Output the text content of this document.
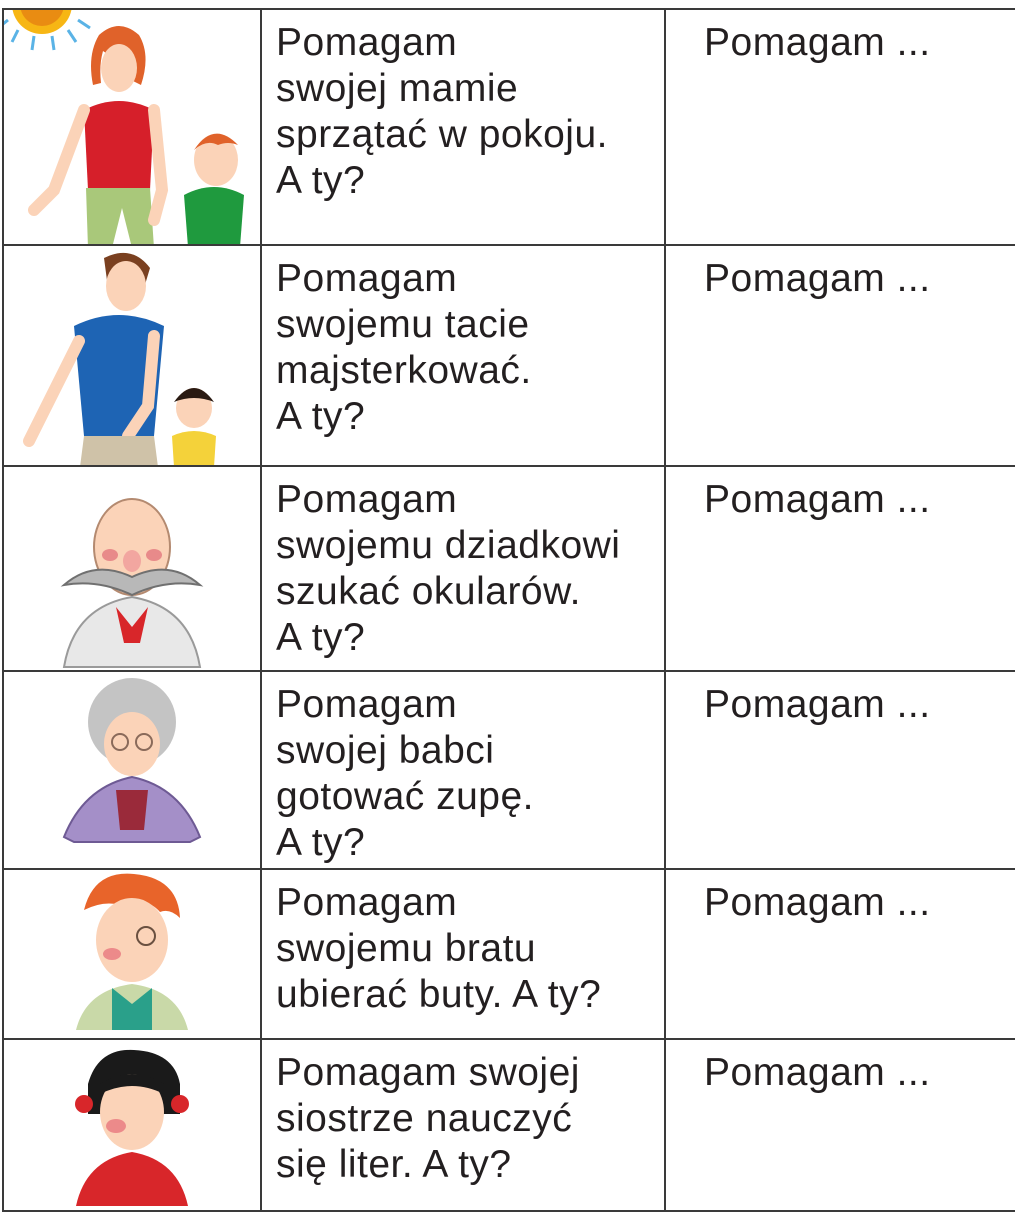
Pomagam
swojej mamie
sprzątać w pokoju.
A ty?	Pomagam ...

Pomagam
swojemu tacie
majsterkować.
A ty?	Pomagam ...

Pomagam
swojemu dziadkowi
szukać okularów.
A ty?	Pomagam ...

Pomagam
swojej babci
gotować zupę.
A ty?	Pomagam ...

Pomagam
swojemu bratu
ubierać buty. A ty?	Pomagam ...

Pomagam swojej
siostrze nauczyć
się liter. A ty?	Pomagam ...
